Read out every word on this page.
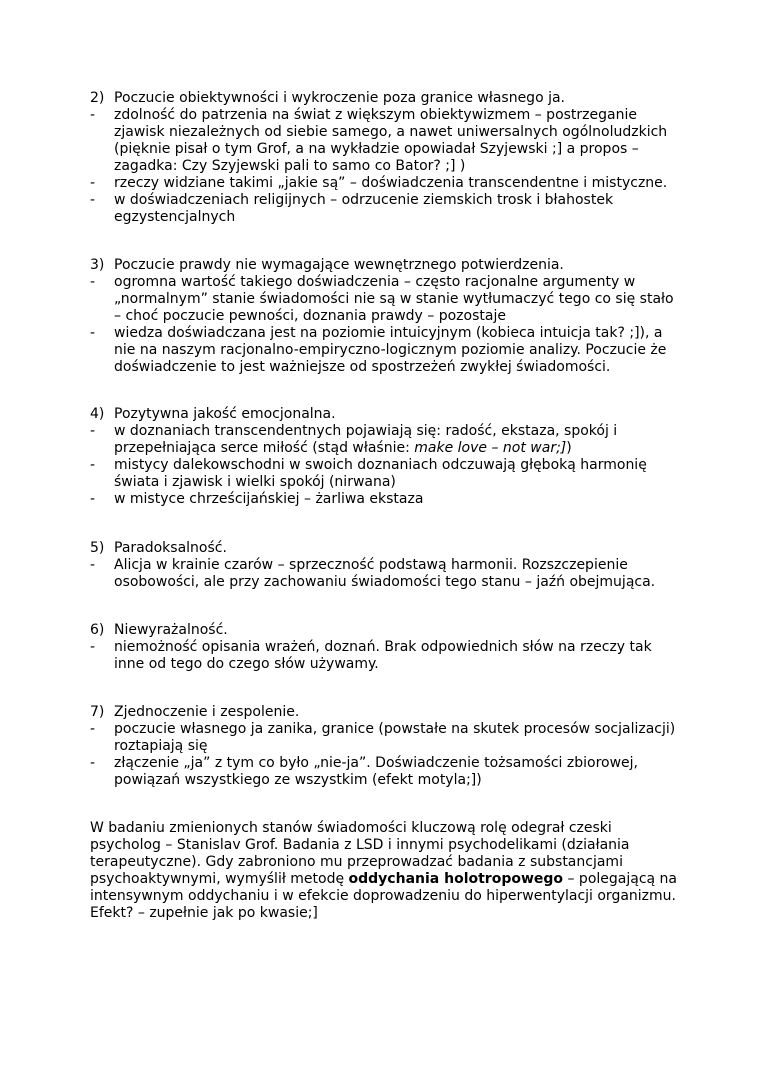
2) Poczucie obiektywności i wykroczenie poza granice własnego ja.
-	zdolność do patrzenia na świat z większym obiektywizmem – postrzeganie zjawisk niezależnych od siebie samego, a nawet uniwersalnych ogólnoludzkich (pięknie pisał o tym Grof, a na wykładzie opowiadał Szyjewski ;] a propos – zagadka: Czy Szyjewski pali to samo co Bator? ;] )
-	rzeczy widziane takimi „jakie są” – doświadczenia transcendentne i mistyczne.
-	w doświadczeniach religijnych – odrzucenie ziemskich trosk i błahostek egzystencjalnych
3) Poczucie prawdy nie wymagające wewnętrznego potwierdzenia.
-	ogromna wartość takiego doświadczenia – często racjonalne argumenty w „normalnym” stanie świadomości nie są w stanie wytłumaczyć tego co się stało – choć poczucie pewności, doznania prawdy – pozostaje
-	wiedza doświadczana jest na poziomie intuicyjnym (kobieca intuicja tak? ;]), a nie na naszym racjonalno-empiryczno-logicznym poziomie analizy. Poczucie że doświadczenie to jest ważniejsze od spostrzeżeń zwykłej świadomości.
4) Pozytywna jakość emocjonalna.
-	w doznaniach transcendentnych pojawiają się: radość, ekstaza, spokój i przepełniająca serce miłość (stąd właśnie: make love – not war;])
-	mistycy dalekowschodni w swoich doznaniach odczuwają głęboką harmonię świata i zjawisk i wielki spokój (nirwana)
-	w mistyce chrześcijańskiej – żarliwa ekstaza
5) Paradoksalność.
-	Alicja w krainie czarów – sprzeczność podstawą harmonii. Rozszczepienie osobowości, ale przy zachowaniu świadomości tego stanu – jaźń obejmująca.
6) Niewyrażalność.
-	niemożność opisania wrażeń, doznań. Brak odpowiednich słów na rzeczy tak inne od tego do czego słów używamy.
7) Zjednoczenie i zespolenie.
-	poczucie własnego ja zanika, granice (powstałe na skutek procesów socjalizacji) roztapiają się
-	złączenie „ja” z tym co było „nie-ja”. Doświadczenie tożsamości zbiorowej, powiązań wszystkiego ze wszystkim (efekt motyla;])
W badaniu zmienionych stanów świadomości kluczową rolę odegrał czeski psycholog – Stanislav Grof. Badania z LSD i innymi psychodelikami (działania terapeutyczne). Gdy zabroniono mu przeprowadzać badania z substancjami psychoaktywnymi, wymyślił metodę oddychania holotropowego – polegającą na intensywnym oddychaniu i w efekcie doprowadzeniu do hiperwentylacji organizmu. Efekt? – zupełnie jak po kwasie;]
